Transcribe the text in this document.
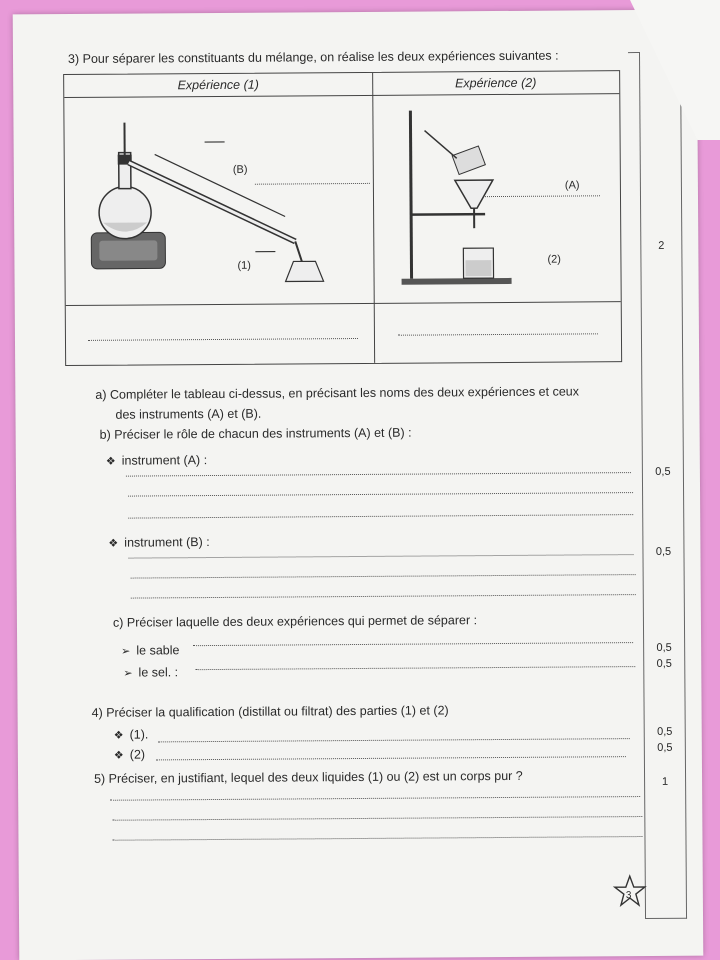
3) Pour séparer les constituants du mélange, on réalise les deux expériences suivantes :
Expérience (1)	Expérience (2)
(B)
(1)
(A)
(2)
a) Compléter le tableau ci-dessus, en précisant les noms des deux expériences et ceux
des instruments (A) et (B).
b) Préciser le rôle de chacun des instruments (A) et (B) :
❖ instrument (A) :
❖ instrument (B) :
c) Préciser laquelle des deux expériences qui permet de séparer :
➢ le sable
➢ le sel. :
4) Préciser la qualification (distillat ou filtrat) des parties (1) et (2)
❖ (1).
❖ (2)
5) Préciser, en justifiant, lequel des deux liquides (1) ou (2) est un corps pur ?
2
0,5
0,5
0,5
0,5
0,5
0,5
1
3
